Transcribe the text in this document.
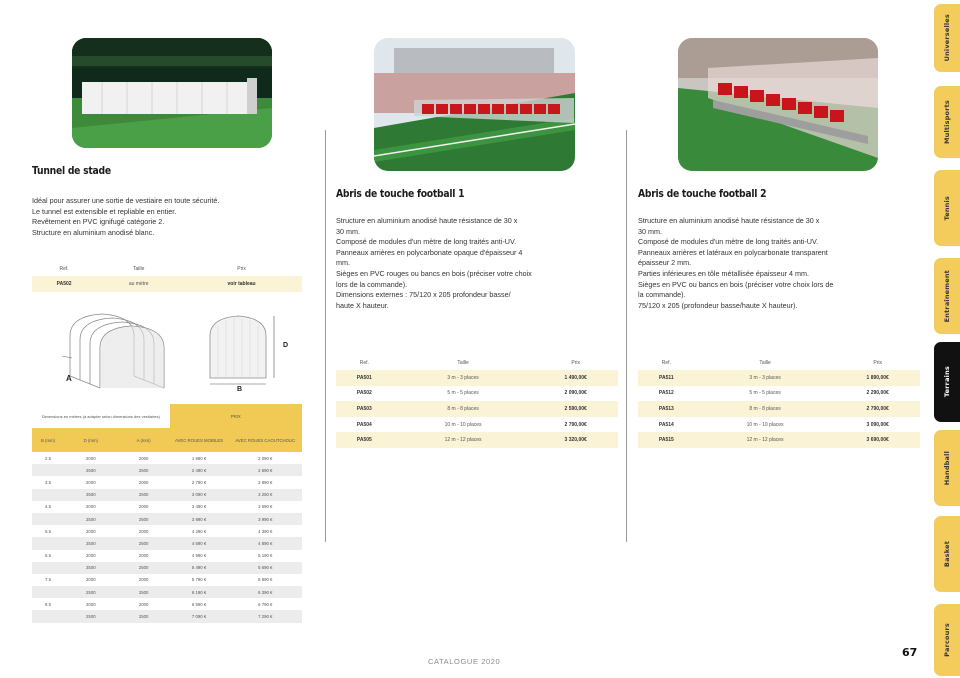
Tunnel de stade

Idéal pour assurer une sortie de vestiaire en toute sécurité.

Le tunnel est extensible et repliable en entier.

Revêtement en PVC ignifugé catégorie 2.

Structure en aluminium anodisé blanc.

Ref.	Taille	Prix
PA502	au mètre	voir tableau
A
B
D
Dimensions en mètres (à adapter selon dimensions des vestiaires)			PRIX	
B (mm)	D (mm)	A (mm)	AVEC ROUES MOBILES	AVEC ROUES CAOUTCHOUC
2.5	2000	2000	1 990 €	2 090 €
	2500	2500	2 490 €	2 590 €
3.5	2000	2000	2 790 €	2 890 €
	2500	2500	3 090 €	3 250 €
4.5	2000	2000	3 490 €	3 590 €
	2500	2500	3 890 €	3 990 €
5.5	2000	2000	4 290 €	4 390 €
	2500	2500	4 690 €	4 890 €
6.5	2000	2000	4 990 €	5 190 €
	2500	2500	5 490 €	5 690 €
7.5	2000	2000	5 790 €	5 890 €
	2500	2500	6 190 €	6 390 €
8.5	2000	2000	6 590 €	6 790 €
	2500	2500	7 090 €	7 290 €
Abris de touche football 1

Structure en aluminium anodisé haute résistance de 30 x

30 mm.

Composé de modules d'un mètre de long traités anti-UV.

Panneaux arrières en polycarbonate opaque d'épaisseur 4

mm.

Sièges en PVC rouges ou bancs en bois (préciser votre choix

lors de la commande).

Dimensions externes : 75/120 x 205 profondeur basse/

haute X hauteur.

Ref.	Taille	Prix
PA501	3 m - 3 places	1 490,00€
PA502	5 m - 5 places	2 090,00€
PA503	8 m - 8 places	2 590,00€
PA504	10 m - 10 places	2 790,00€
PA505	12 m - 12 places	3 320,00€
Abris de touche football 2

Structure en aluminium anodisé haute résistance de 30 x

30 mm.

Composé de modules d'un mètre de long traités anti-UV.

Panneaux arrières et latéraux en polycarbonate transparent

épaisseur 2 mm.

Parties inférieures en tôle métallisée épaisseur 4 mm.

Sièges en PVC ou bancs en bois (préciser votre choix lors de

la commande).

75/120 x 205 (profondeur basse/haute X hauteur).

Ref.	Taille	Prix
PA511	3 m - 3 places	1 890,00€
PA512	5 m - 5 places	2 290,00€
PA513	8 m - 8 places	2 790,00€
PA514	10 m - 10 places	3 090,00€
PA515	12 m - 12 places	3 690,00€
Universelles
Multisports
Tennis
Entraînement
Terrains
Handball
Basket
Parcours
CATALOGUE 2020
67
